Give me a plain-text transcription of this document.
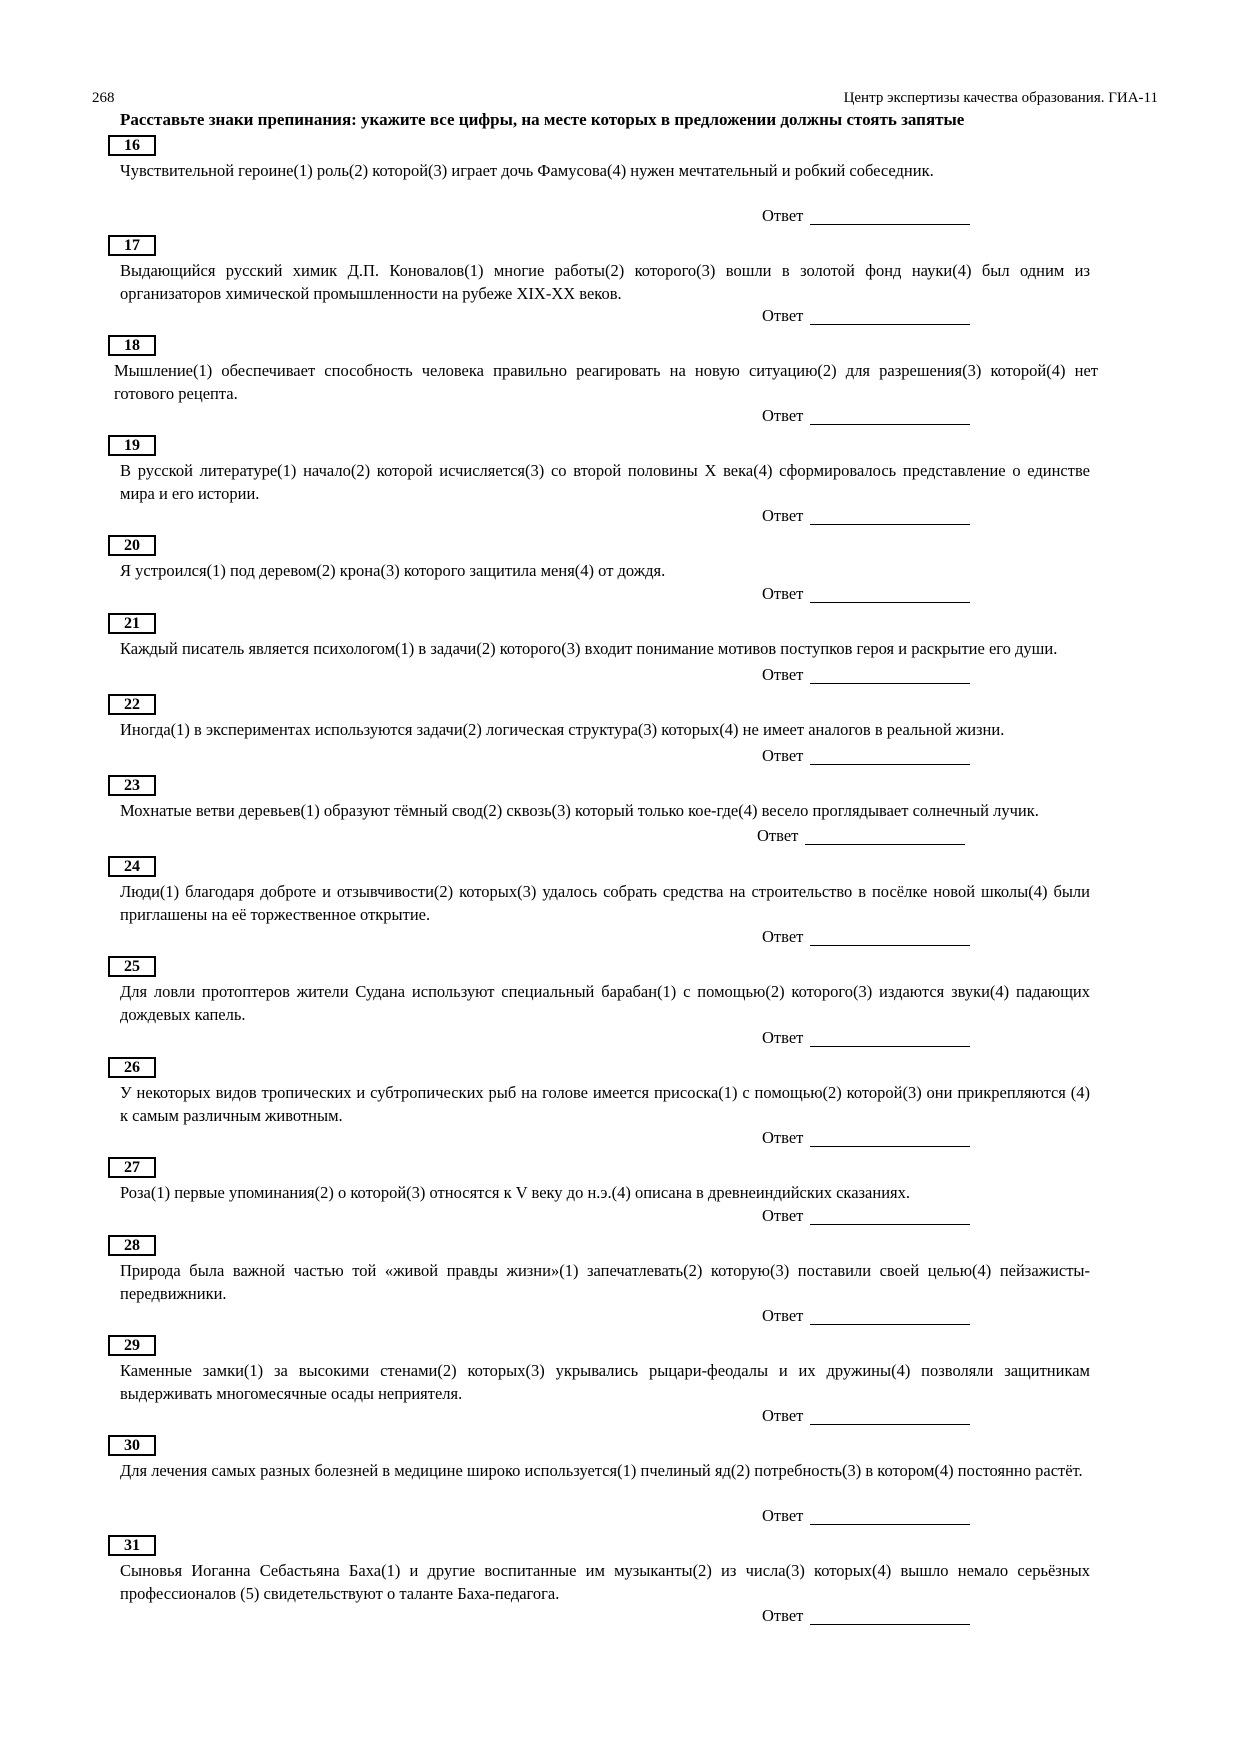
268	Центр экспертизы качества образования. ГИА-11
Расставьте знаки препинания: укажите все цифры, на месте которых в предложении должны стоять запятые
16
Чувствительной героине(1) роль(2) которой(3) играет дочь Фамусова(4) нужен мечтательный и робкий собеседник.
Ответ
17
Выдающийся русский химик Д.П. Коновалов(1) многие работы(2) которого(3) вошли в золотой фонд науки(4) был одним из организаторов химической промышленности на рубеже XIX-XX веков.
Ответ
18
Мышление(1) обеспечивает способность человека правильно реагировать на новую ситуацию(2) для разрешения(3) которой(4) нет готового рецепта.
Ответ
19
В русской литературе(1) начало(2) которой исчисляется(3) со второй половины X века(4) сформировалось представление о единстве мира и его истории.
Ответ
20
Я устроился(1) под деревом(2) крона(3) которого защитила меня(4) от дождя.
Ответ
21
Каждый писатель является психологом(1) в задачи(2) которого(3) входит понимание мотивов поступков героя и раскрытие его души.
Ответ
22
Иногда(1) в экспериментах используются задачи(2) логическая структура(3) которых(4) не имеет аналогов в реальной жизни.
Ответ
23
Мохнатые ветви деревьев(1) образуют тёмный свод(2) сквозь(3) который только кое-где(4) весело проглядывает солнечный лучик.
Ответ
24
Люди(1) благодаря доброте и отзывчивости(2) которых(3) удалось собрать средства на строительство в посёлке новой школы(4) были приглашены на её торжественное открытие.
Ответ
25
Для ловли протоптеров жители Судана используют специальный барабан(1) с помощью(2) которого(3) издаются звуки(4) падающих дождевых капель.
Ответ
26
У некоторых видов тропических и субтропических рыб на голове имеется присоска(1) с помощью(2) которой(3) они прикрепляются (4) к самым различным животным.
Ответ
27
Роза(1) первые упоминания(2) о которой(3) относятся к V веку до н.э.(4) описана в древнеиндийских сказаниях.
Ответ
28
Природа была важной частью той «живой правды жизни»(1) запечатлевать(2) которую(3) поставили своей целью(4) пейзажисты-передвижники.
Ответ
29
Каменные замки(1) за высокими стенами(2) которых(3) укрывались рыцари-феодалы и их дружины(4) позволяли защитникам выдерживать многомесячные осады неприятеля.
Ответ
30
Для лечения самых разных болезней в медицине широко используется(1) пчелиный яд(2) потребность(3) в котором(4) постоянно растёт.
Ответ
31
Сыновья Иоганна Себастьяна Баха(1) и другие воспитанные им музыканты(2) из числа(3) которых(4) вышло немало серьёзных профессионалов (5) свидетельствуют о таланте Баха-педагога.
Ответ
